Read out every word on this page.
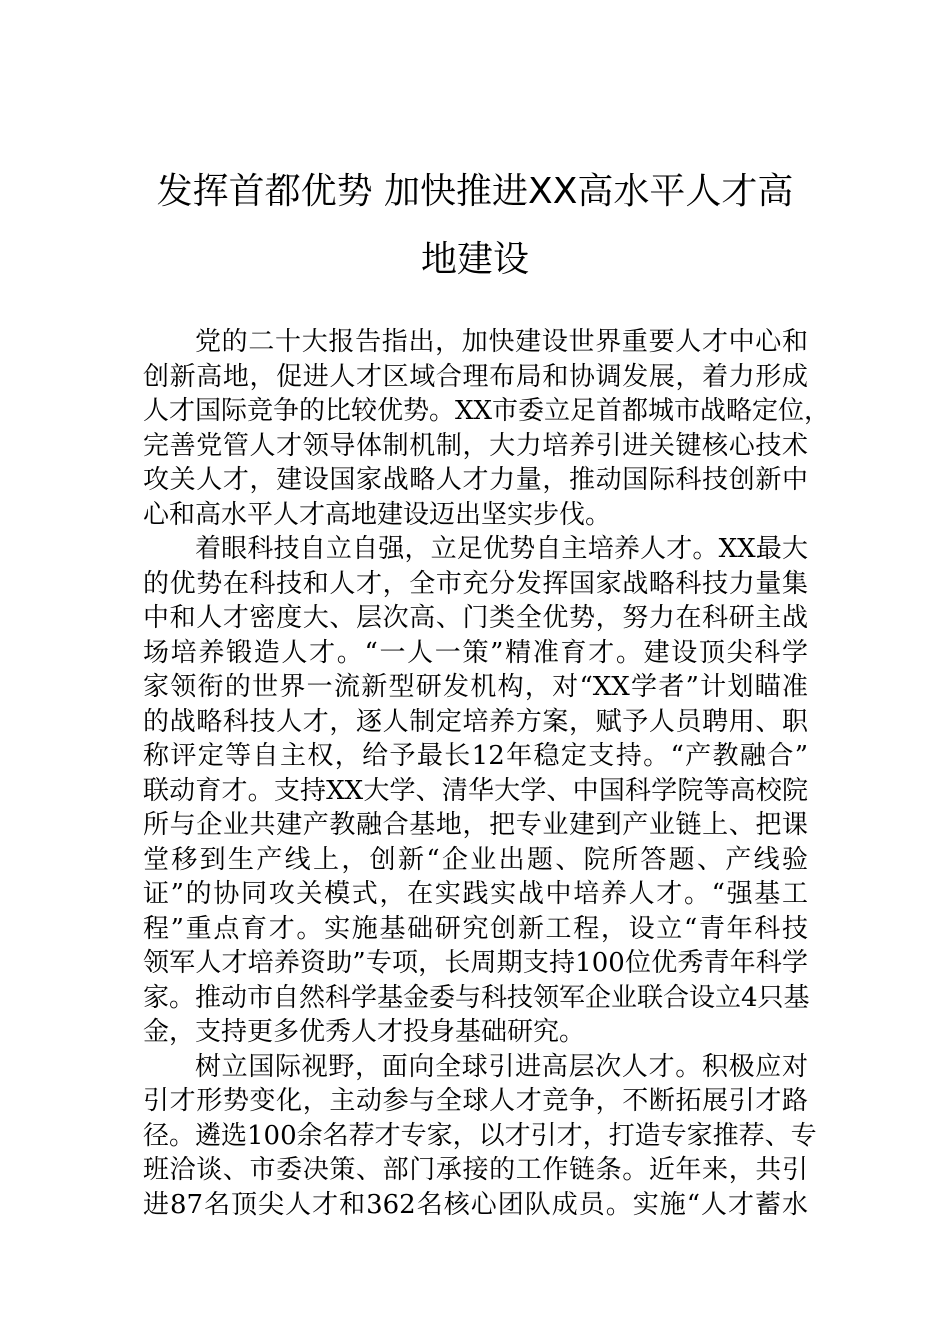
发挥首都优势 加快推进XX高水平人才高
地建设
党的二十大报告指出，加快建设世界重要人才中心和
创新高地，促进人才区域合理布局和协调发展，着力形成
人才国际竞争的比较优势。XX市委立足首都城市战略定位，
完善党管人才领导体制机制，大力培养引进关键核心技术
攻关人才，建设国家战略人才力量，推动国际科技创新中
心和高水平人才高地建设迈出坚实步伐。
着眼科技自立自强，立足优势自主培养人才。XX最大
的优势在科技和人才，全市充分发挥国家战略科技力量集
中和人才密度大、层次高、门类全优势，努力在科研主战
场培养锻造人才。“一人一策”精准育才。建设顶尖科学
家领衔的世界一流新型研发机构，对“XX学者”计划瞄准
的战略科技人才，逐人制定培养方案，赋予人员聘用、职
称评定等自主权，给予最长12年稳定支持。“产教融合”
联动育才。支持XX大学、清华大学、中国科学院等高校院
所与企业共建产教融合基地，把专业建到产业链上、把课
堂移到生产线上，创新“企业出题、院所答题、产线验
证”的协同攻关模式，在实践实战中培养人才。“强基工
程”重点育才。实施基础研究创新工程，设立“青年科技
领军人才培养资助”专项，长周期支持100位优秀青年科学
家。推动市自然科学基金委与科技领军企业联合设立4只基
金，支持更多优秀人才投身基础研究。
树立国际视野，面向全球引进高层次人才。积极应对
引才形势变化，主动参与全球人才竞争，不断拓展引才路
径。遴选100余名荐才专家，以才引才，打造专家推荐、专
班洽谈、市委决策、部门承接的工作链条。近年来，共引
进87名顶尖人才和362名核心团队成员。实施“人才蓄水
